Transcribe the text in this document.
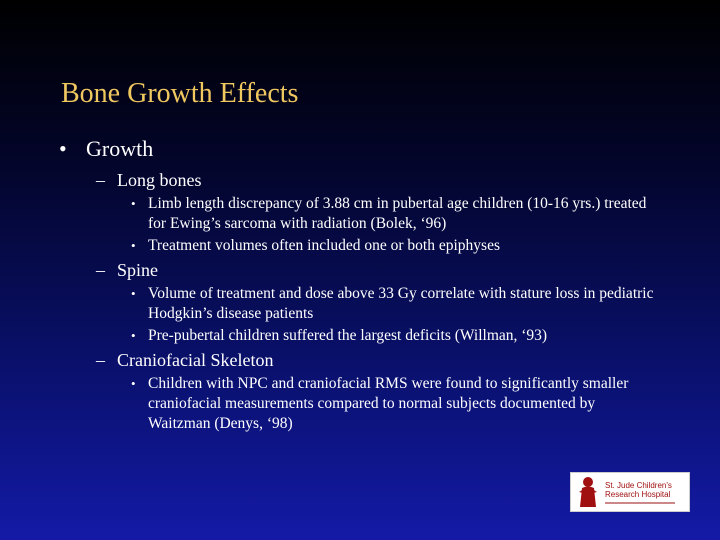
Bone Growth Effects
• Growth
– Long bones
• Limb length discrepancy of 3.88 cm in pubertal age children (10-16 yrs.) treated for Ewing’s sarcoma with radiation (Bolek, ‘96)
• Treatment volumes often included one or both epiphyses
– Spine
• Volume of treatment and dose above 33 Gy correlate with stature loss in pediatric Hodgkin’s disease patients
• Pre-pubertal children suffered the largest deficits (Willman, ‘93)
– Craniofacial Skeleton
• Children with NPC and craniofacial RMS were found to significantly smaller craniofacial measurements compared to normal subjects documented by Waitzman (Denys, ‘98)
St. Jude Children's
Research Hospital
